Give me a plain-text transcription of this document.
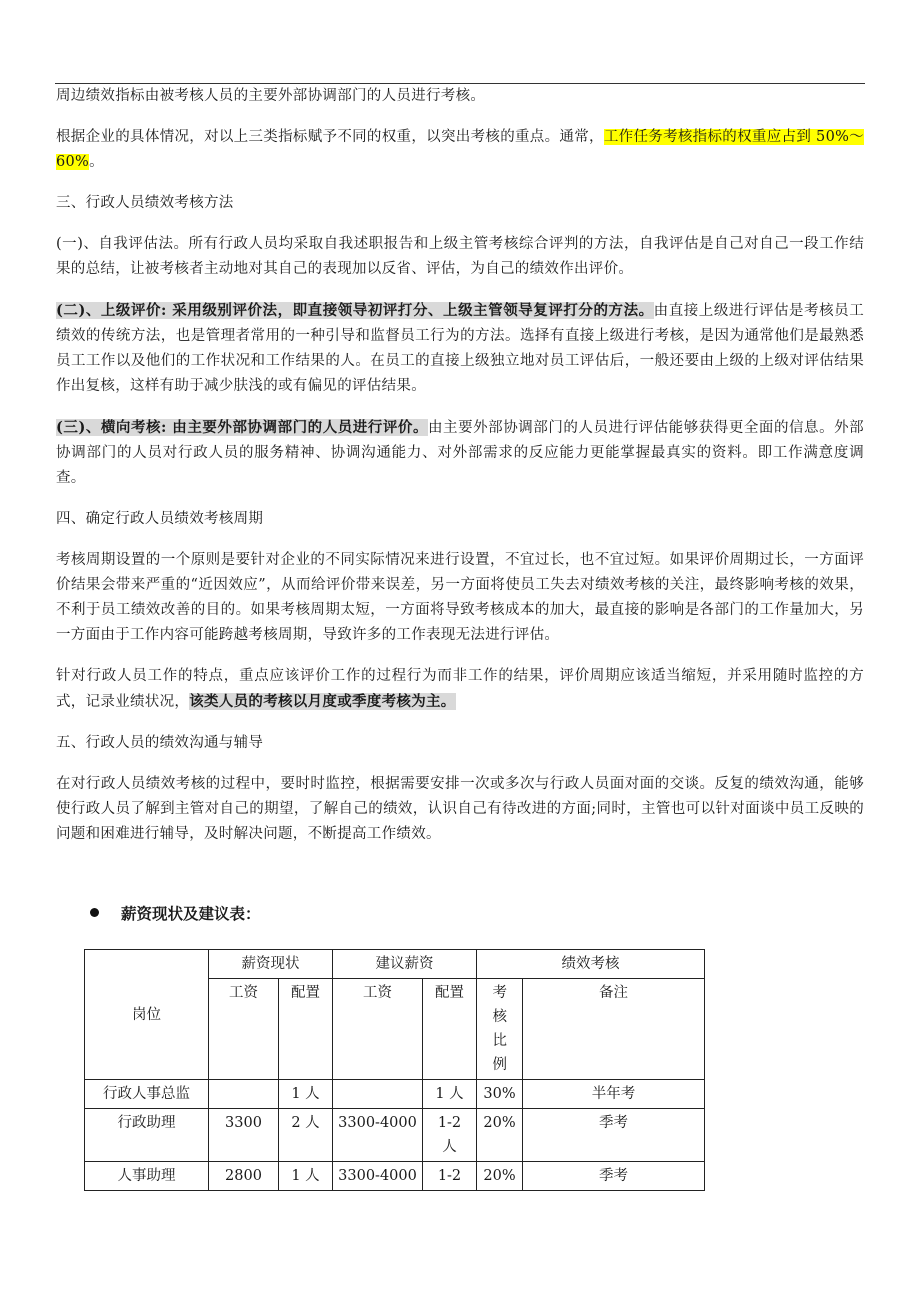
周边绩效指标由被考核人员的主要外部协调部门的人员进行考核。

根据企业的具体情况，对以上三类指标赋予不同的权重，以突出考核的重点。通常，工作任务考核指标的权重应占到 50%～60%。

三、行政人员绩效考核方法

(一)、自我评估法。所有行政人员均采取自我述职报告和上级主管考核综合评判的方法，自我评估是自己对自己一段工作结果的总结，让被考核者主动地对其自己的表现加以反省、评估，为自己的绩效作出评价。

(二)、上级评价: 采用级别评价法，即直接领导初评打分、上级主管领导复评打分的方法。由直接上级进行评估是考核员工绩效的传统方法，也是管理者常用的一种引导和监督员工行为的方法。选择有直接上级进行考核，是因为通常他们是最熟悉员工工作以及他们的工作状况和工作结果的人。在员工的直接上级独立地对员工评估后，一般还要由上级的上级对评估结果作出复核，这样有助于减少肤浅的或有偏见的评估结果。

(三)、横向考核: 由主要外部协调部门的人员进行评价。由主要外部协调部门的人员进行评估能够获得更全面的信息。外部协调部门的人员对行政人员的服务精神、协调沟通能力、对外部需求的反应能力更能掌握最真实的资料。即工作满意度调查。

四、确定行政人员绩效考核周期

考核周期设置的一个原则是要针对企业的不同实际情况来进行设置，不宜过长，也不宜过短。如果评价周期过长，一方面评价结果会带来严重的“近因效应”，从而给评价带来误差，另一方面将使员工失去对绩效考核的关注，最终影响考核的效果，不利于员工绩效改善的目的。如果考核周期太短，一方面将导致考核成本的加大，最直接的影响是各部门的工作量加大，另一方面由于工作内容可能跨越考核周期，导致许多的工作表现无法进行评估。

针对行政人员工作的特点，重点应该评价工作的过程行为而非工作的结果，评价周期应该适当缩短，并采用随时监控的方式，记录业绩状况，该类人员的考核以月度或季度考核为主。

五、行政人员的绩效沟通与辅导

在对行政人员绩效考核的过程中，要时时监控，根据需要安排一次或多次与行政人员面对面的交谈。反复的绩效沟通，能够使行政人员了解到主管对自己的期望，了解自己的绩效，认识自己有待改进的方面;同时，主管也可以针对面谈中员工反映的问题和困难进行辅导，及时解决问题，不断提高工作绩效。

薪资现状及建议表：
岗位	薪资现状		建议薪资		绩效考核	
	工资	配置	工资	配置	考核比例	备注
行政人事总监		1 人		1 人	30%	半年考
行政助理	3300	2 人	3300-4000	1-2 人	20%	季考
人事助理	2800	1 人	3300-4000	1-2	20%	季考
